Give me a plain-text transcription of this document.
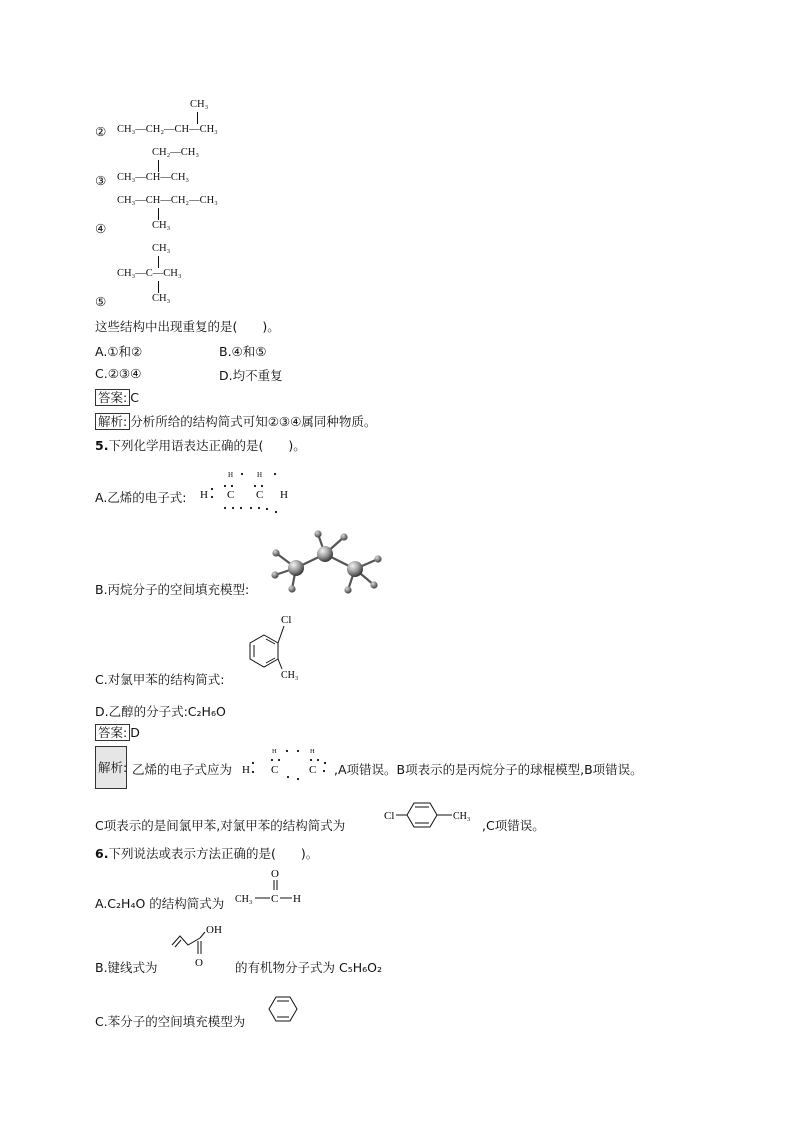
CH₃
② CH₃—CH₂—CH—CH₃
CH₂—CH₃
③ CH₃—CH—CH₃
CH₃—CH—CH₂—CH₃
④	CH₃
CH₃
CH₃—C—CH₃
⑤	CH₃
这些结构中出现重复的是(　　)。
A.①和②	B.④和⑤
C.②③④	D.均不重复
答案: C
解析: 分析所给的结构简式可知②③④属同种物质。
5.下列化学用语表达正确的是(　　)。
A.乙烯的电子式:
H	H
H C C H
B.丙烷分子的空间填充模型:
C.对氯甲苯的结构简式:
Cl
CH₃
D.乙醇的分子式:C₂H₆O
答案: D
解析: 乙烯的电子式应为
H	H
H C	C ,A项错误。B项表示的是丙烷分子的球棍模型,B项错误。
C项表示的是间氯甲苯,对氯甲苯的结构简式为
Cl	CH₃
,C项错误。
6.下列说法或表示方法正确的是(　　)。
A.C₂H₄O 的结构简式为
O
CH₃ C H
B.键线式为
OH
O	的有机物分子式为 C₅H₆O₂
C.苯分子的空间填充模型为
